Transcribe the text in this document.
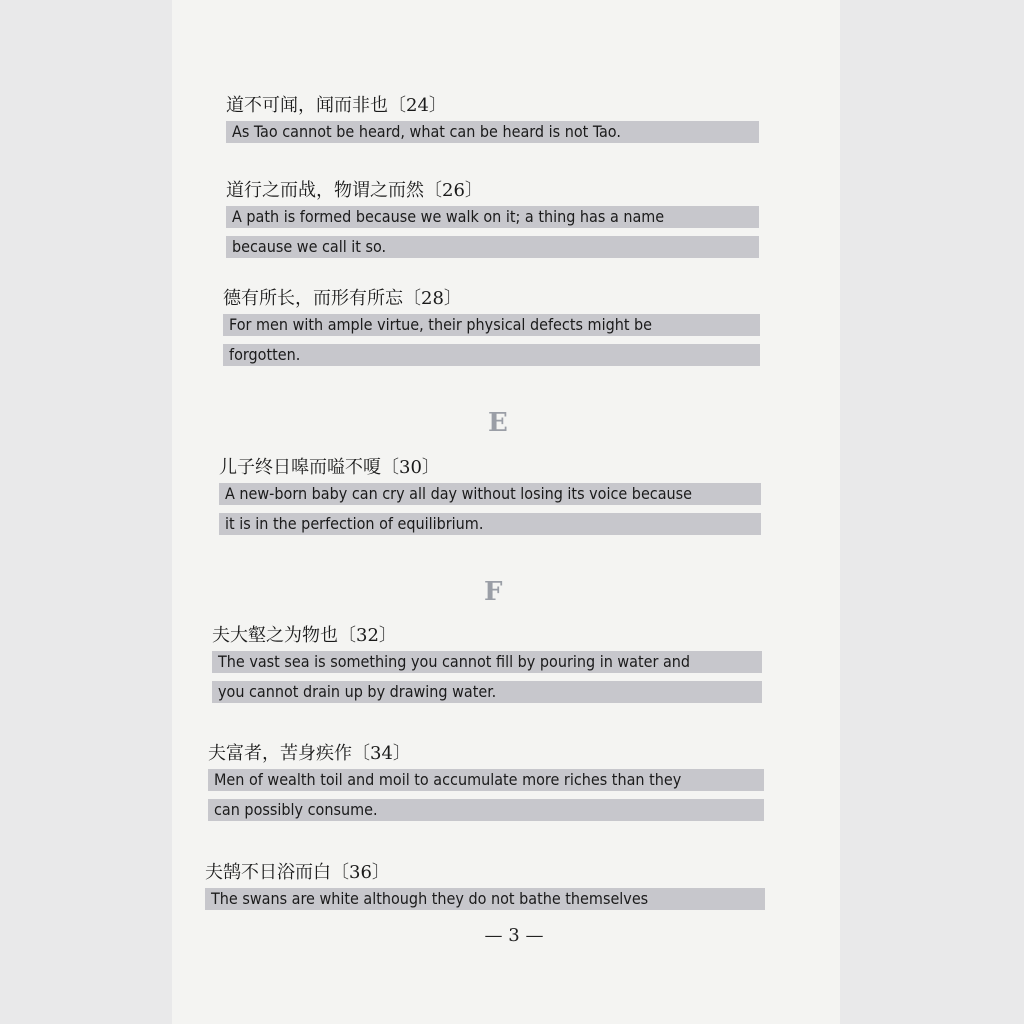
道不可闻，闻而非也〔24〕
As Tao cannot be heard, what can be heard is not Tao.
道行之而战，物谓之而然〔26〕
A path is formed because we walk on it; a thing has a name
because we call it so.
德有所长，而形有所忘〔28〕
For men with ample virtue, their physical defects might be
forgotten.
E
儿子终日嗥而嗌不嗄〔30〕
A new-born baby can cry all day without losing its voice because
it is in the perfection of equilibrium.
F
夫大壑之为物也〔32〕
The vast sea is something you cannot fill by pouring in water and
you cannot drain up by drawing water.
夫富者，苦身疾作〔34〕
Men of wealth toil and moil to accumulate more riches than they
can possibly consume.
夫鹄不日浴而白〔36〕
The swans are white although they do not bathe themselves
— 3 —
